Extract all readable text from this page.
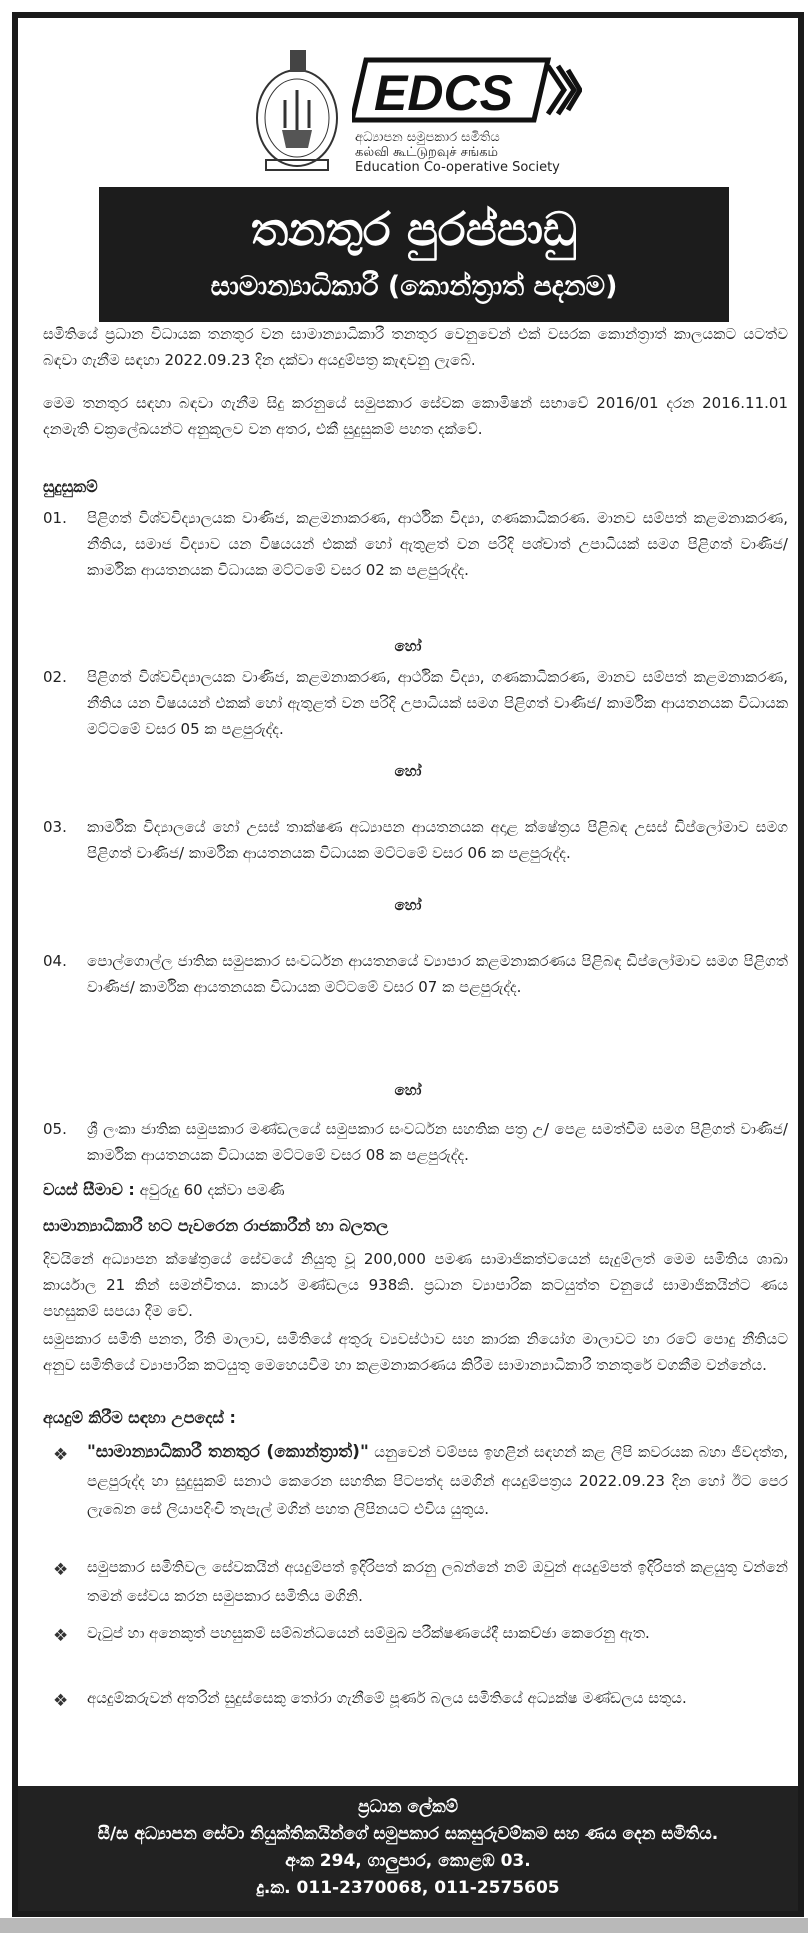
EDCS
අධ්‍යාපන සමුපකාර සමිතිය
கல்வி கூட்டுறவுச் சங்கம்
Education Co-operative Society
තනතුර පුරප්පාඩු
සාමාන්‍යාධිකාරී (කොන්ත්‍රාත් පදනම)
සමිතියේ ප්‍රධාන විධායක තනතුර වන සාමාන්‍යාධිකාරී තනතුර වෙනුවෙන් එක් වසරක කොන්ත්‍රාත් කාලයකට යටත්ව බඳවා ගැනීම සඳහා 2022.09.23 දින දක්වා අයදුම්පත්‍ර කැඳවනු ලැබේ.
මෙම තනතුර සඳහා බඳවා ගැනීම සිදු කරනුයේ සමුපකාර සේවක කොමිෂන් සභාවේ 2016/01 දරන 2016.11.01 දනමැති චක්‍රලේඛයන්ට අනුකූලව වන අතර, එකී සුදුසුකම් පහත දක්වේ.
සුදුසුකම්
01.	පිළිගත් විශ්වවිද්‍යාලයක වාණිජ, කළමනාකරණ, ආර්ථික විද්‍යා, ගණකාධිකරණ. මානව සම්පත් කළමනාකරණ, නීතිය, සමාජ විද්‍යාව යන විෂයයන් එකක් හෝ ඇතුළත් වන පරිදි පශ්චාත් උපාධියක් සමග පිළිගත් වාණිජ/ කාර්මික ආයතනයක විධායක මට්ටමේ වසර 02 ක පළපුරුද්ද.
හෝ
02.	පිළිගත් විශ්වවිද්‍යාලයක වාණිජ, කළමනාකරණ, ආර්ථික විද්‍යා, ගණකාධිකරණ, මානව සම්පත් කළමනාකරණ, නීතිය යන විෂයයන් එකක් හෝ ඇතුළත් වන පරිදි උපාධියක් සමග පිළිගත් වාණිජ/ කාර්මික ආයතනයක විධායක මට්ටමේ වසර 05 ක පළපුරුද්ද.
හෝ
03.	කාර්මික විද්‍යාලයේ හෝ උසස් තාක්ෂණ අධ්‍යාපන ආයතනයක අදාළ ක්ෂේත්‍රය පිළිබඳ උසස් ඩිප්ලෝමාව සමග පිළිගත් වාණිජ/ කාර්මික ආයතනයක විධායක මට්ටමේ වසර 06 ක පළපුරුද්ද.
හෝ
04.	පොල්ගොල්ල ජාතික සමුපකාර සංවර්ධන ආයතනයේ ව්‍යාපාර කළමනාකරණය පිළිබඳ ඩිප්ලෝමාව සමග පිළිගත් වාණිජ/ කාර්මික ආයතනයක විධායක මට්ටමේ වසර 07 ක පළපුරුද්ද.
හෝ
05.	ශ්‍රී ලංකා ජාතික සමුපකාර මණ්ඩලයේ සමුපකාර සංවර්ධන සහතික පත්‍ර උ/ පෙළ සමත්වීම සමග පිළිගත් වාණිජ/ කාර්මික ආයතනයක විධායක මට්ටමේ වසර 08 ක පළපුරුද්ද.
වයස් සීමාව : අවුරුදු 60 දක්වා පමණි
සාමාන්‍යාධිකාරී හට පැවරෙන රාජකාරීන් හා බලතල
දිවයිනේ අධ්‍යාපන ක්ෂේත්‍රයේ සේවයේ නියුතු වූ 200,000 පමණ සාමාජිකත්වයෙන් සැදුම්ලත් මෙම සමිතිය ශාඛා කාර්යාල 21 කින් සමන්විතය. කාර්ය මණ්ඩලය 938කි. ප්‍රධාන ව්‍යාපාරික කටයුත්ත වනුයේ සාමාජිකයින්ට ණය පහසුකම් සපයා දීම වේ.
සමුපකාර සමිති පනත, රීති මාලාව, සමිතියේ අතුරු ව්‍යවස්ථාව සහ කාරක නියෝග මාලාවට හා රටේ පොදු නීතියට අනුව සමිතියේ ව්‍යාපාරික කටයුතු මෙහෙයවීම හා කළමනාකරණය කිරීම සාමාන්‍යාධිකාරී තනතුරේ වගකීම වන්නේය.
අයදුම් කිරීම සඳහා උපදෙස් :
❖ "සාමාන්‍යාධිකාරී තනතුර (කොන්ත්‍රාත්)" යනුවෙන් වම්පස ඉහළින් සඳහන් කළ ලිපි කවරයක බහා ජීවදත්ත, පළපුරුද්ද හා සුදුසුකම් සනාථ කෙරෙන සහතික පිටපත්ද සමගින් අයදුම්පත්‍රය 2022.09.23 දින හෝ ඊට පෙර ලැබෙන සේ ලියාපදිංචි තැපැල් මගින් පහත ලිපිනයට එවිය යුතුය.
❖ සමුපකාර සමිතිවල සේවකයින් අයදුම්පත් ඉදිරිපත් කරනු ලබන්නේ නම් ඔවුන් අයදුම්පත් ඉදිරිපත් කළයුතු වන්නේ තමන් සේවය කරන සමුපකාර සමිතිය මගිනි.
❖ වැටුප් හා අනෙකුත් පහසුකම් සම්බන්ධයෙන් සම්මුඛ පරීක්ෂණයේදී සාකච්ඡා කෙරෙනු ඇත.
❖ අයදුම්කරුවන් අතරින් සුදුස්සෙකු තෝරා ගැනීමේ පූර්ණ බලය සමිතියේ අධ්‍යක්ෂ මණ්ඩලය සතුය.
ප්‍රධාන ලේකම්
සී/ස අධ්‍යාපන සේවා නියුක්තිකයින්ගේ සමුපකාර සකසුරුවම්කම සහ ණය දෙන සමිතිය.
අංක 294, ගාලුපාර, කොළඹ 03.
දු.ක. 011-2370068, 011-2575605
